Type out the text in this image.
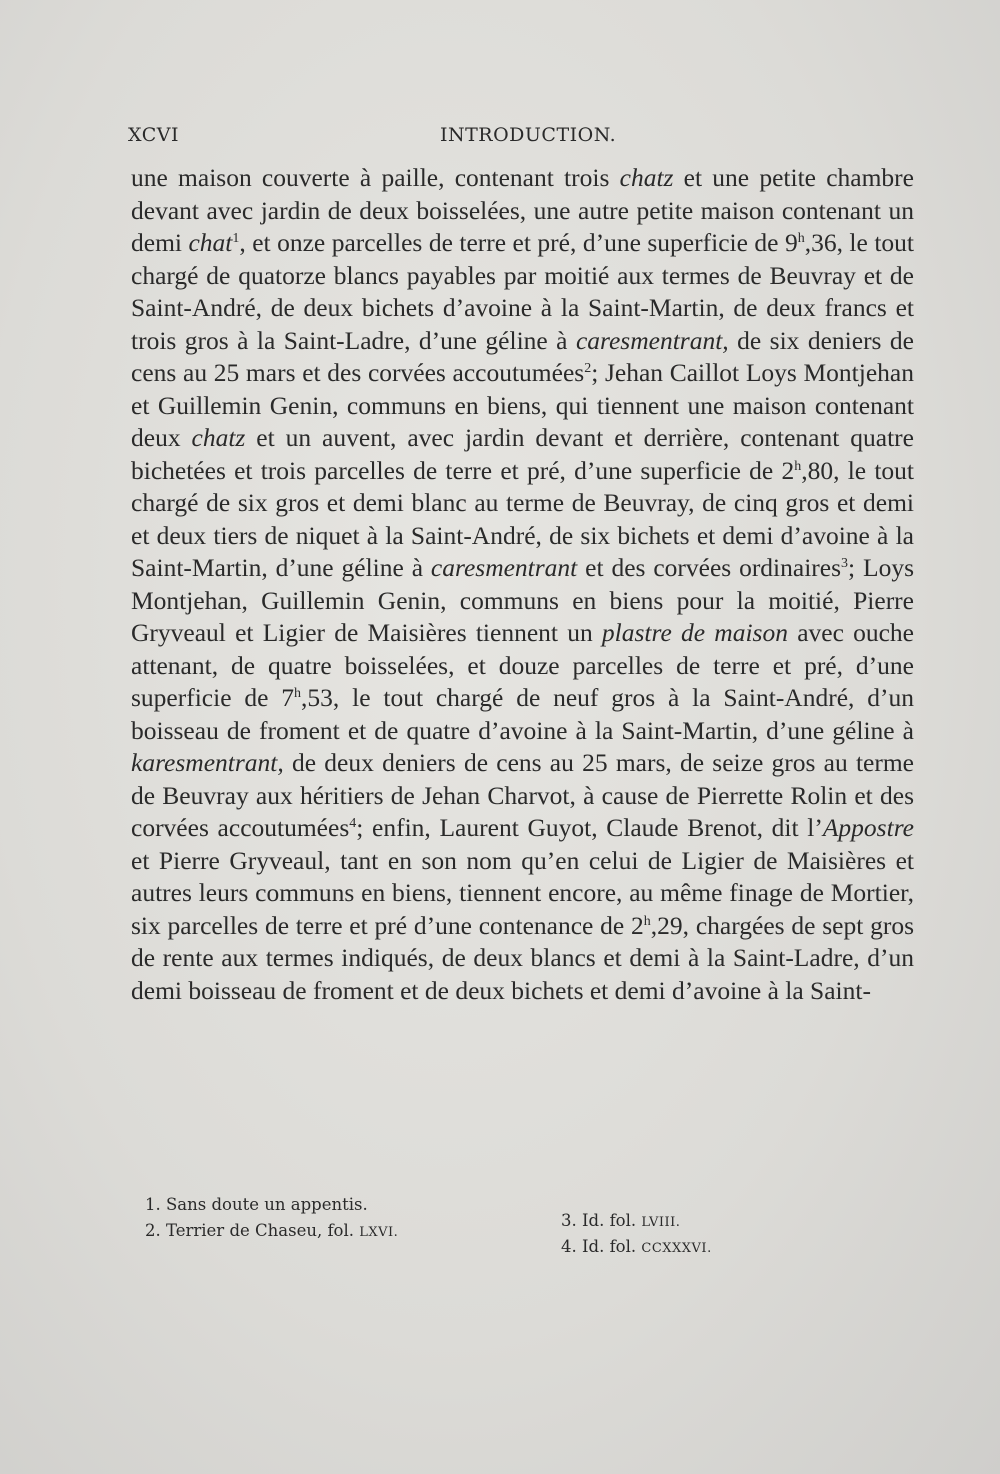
XCVI	INTRODUCTION.

une maison couverte à paille, contenant trois chatz et une petite chambre devant avec jardin de deux boisselées, une autre petite maison contenant un demi chat$^1$, et onze parcelles de terre et pré, d’une superficie de 9$^h$,36, le tout chargé de quatorze blancs payables par moitié aux termes de Beuvray et de Saint-André, de deux bichets d’avoine à la Saint-Martin, de deux francs et trois gros à la Saint-Ladre, d’une géline à caresmentrant, de six deniers de cens au 25 mars et des corvées accoutumées$^2$; Jehan Caillot Loys Montjehan et Guillemin Genin, communs en biens, qui tiennent une maison contenant deux chatz et un auvent, avec jardin devant et derrière, contenant quatre bichetées et trois parcelles de terre et pré, d’une superficie de 2$^h$,80, le tout chargé de six gros et demi blanc au terme de Beuvray, de cinq gros et demi et deux tiers de niquet à la Saint-André, de six bichets et demi d’avoine à la Saint-Martin, d’une géline à caresmentrant et des corvées ordinaires$^3$; Loys Montjehan, Guillemin Genin, communs en biens pour la moitié, Pierre Gryveaul et Ligier de Maisières tiennent un plastre de maison avec ouche attenant, de quatre boisselées, et douze parcelles de terre et pré, d’une superficie de 7$^h$,53, le tout chargé de neuf gros à la Saint-André, d’un boisseau de froment et de quatre d’avoine à la Saint-Martin, d’une géline à karesmentrant, de deux deniers de cens au 25 mars, de seize gros au terme de Beuvray aux héritiers de Jehan Charvot, à cause de Pierrette Rolin et des corvées accoutumées$^4$; enfin, Laurent Guyot, Claude Brenot, dit l’Appostre et Pierre Gryveaul, tant en son nom qu’en celui de Ligier de Maisières et autres leurs communs en biens, tiennent encore, au même finage de Mortier, six parcelles de terre et pré d’une contenance de 2$^h$,29, chargées de sept gros de rente aux termes indiqués, de deux blancs et demi à la Saint-Ladre, d’un demi boisseau de froment et de deux bichets et demi d’avoine à la Saint-

1. Sans doute un appentis.
2. Terrier de Chaseu, fol. LXVI.
3. Id. fol. LVIII.
4. Id. fol. CCXXXVI.
